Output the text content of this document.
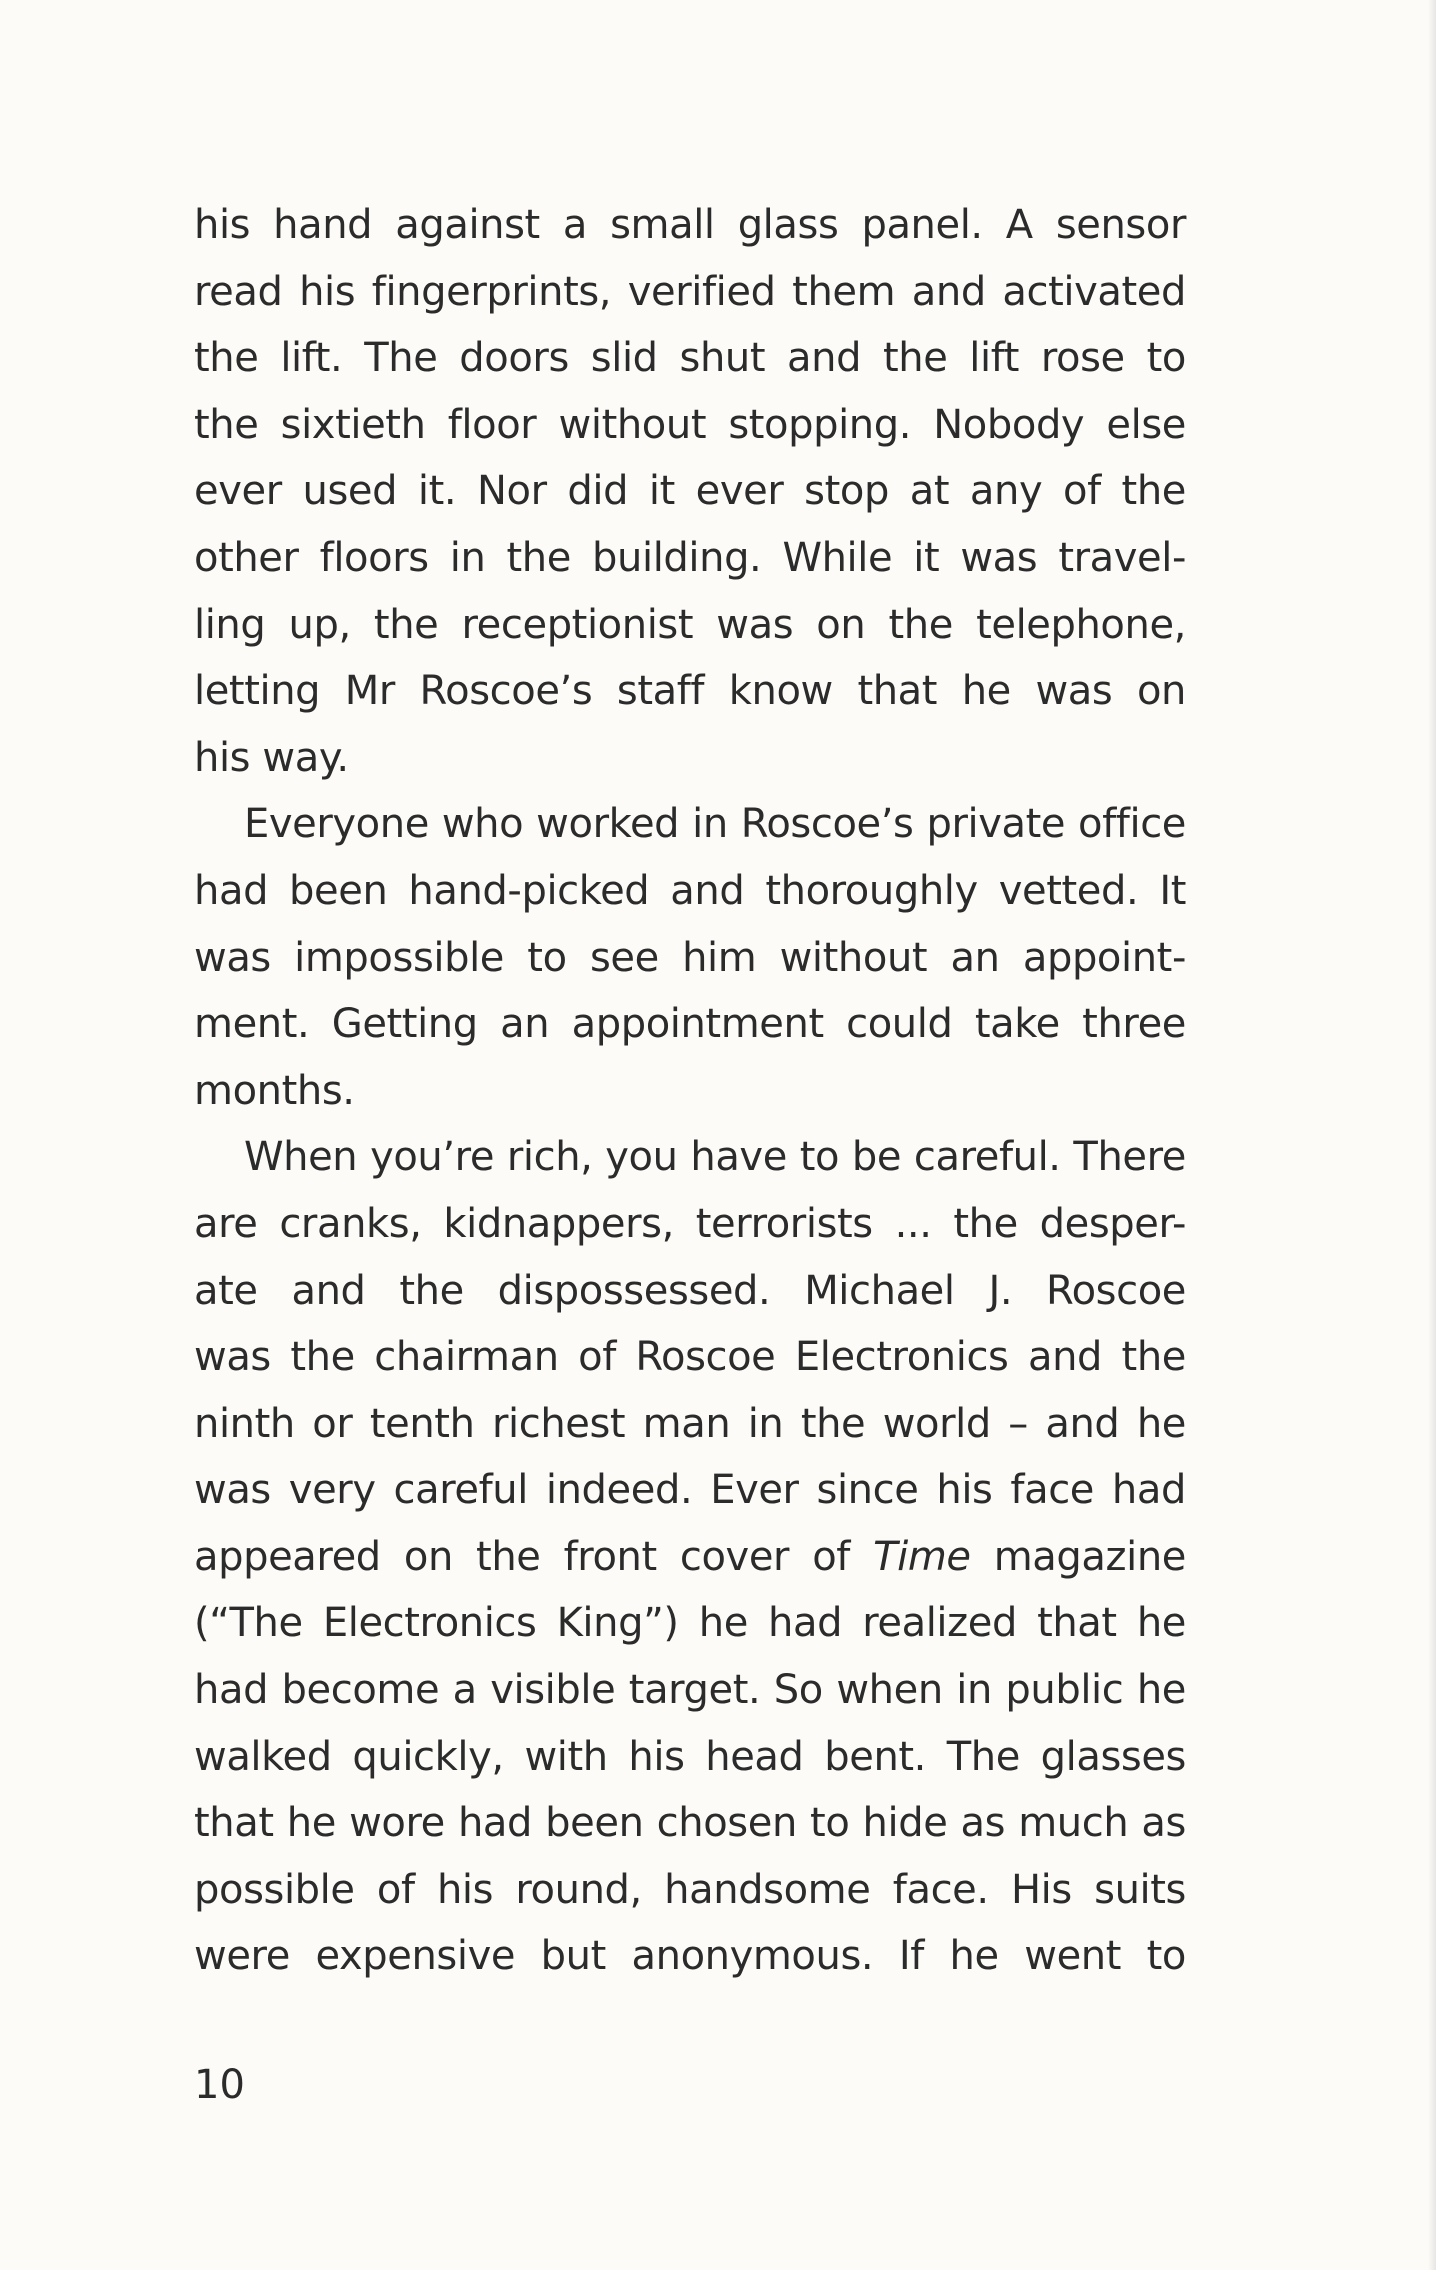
his hand against a small glass panel. A sensor
read his fingerprints, verified them and activated
the lift. The doors slid shut and the lift rose to
the sixtieth floor without stopping. Nobody else
ever used it. Nor did it ever stop at any of the
other floors in the building. While it was travel-
ling up, the receptionist was on the telephone,
letting Mr Roscoe’s staff know that he was on
his way.
Everyone who worked in Roscoe’s private office
had been hand-picked and thoroughly vetted. It
was impossible to see him without an appoint-
ment. Getting an appointment could take three
months.
When you’re rich, you have to be careful. There
are cranks, kidnappers, terrorists ... the desper-
ate and the dispossessed. Michael J. Roscoe
was the chairman of Roscoe Electronics and the
ninth or tenth richest man in the world – and he
was very careful indeed. Ever since his face had
appeared on the front cover of Time magazine
(“The Electronics King”) he had realized that he
had become a visible target. So when in public he
walked quickly, with his head bent. The glasses
that he wore had been chosen to hide as much as
possible of his round, handsome face. His suits
were expensive but anonymous. If he went to
10
